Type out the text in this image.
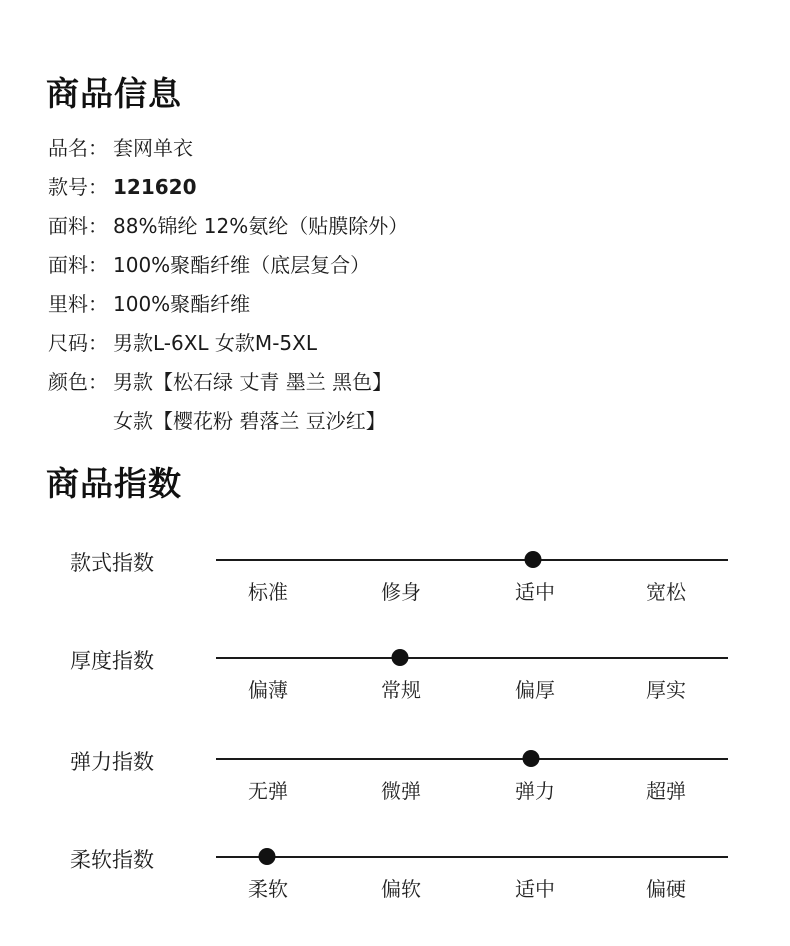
商品信息
品名： 套网单衣
款号： 121620
面料： 88%锦纶 12%氨纶（贴膜除外）
面料： 100%聚酯纤维（底层复合）
里料： 100%聚酯纤维
尺码： 男款L-6XL 女款M-5XL
颜色： 男款【松石绿 丈青 墨兰 黑色】
女款【樱花粉 碧落兰 豆沙红】
商品指数
款式指数
标准	修身	适中	宽松
厚度指数
偏薄	常规	偏厚	厚实
弹力指数
无弹	微弹	弹力	超弹
柔软指数
柔软	偏软	适中	偏硬
